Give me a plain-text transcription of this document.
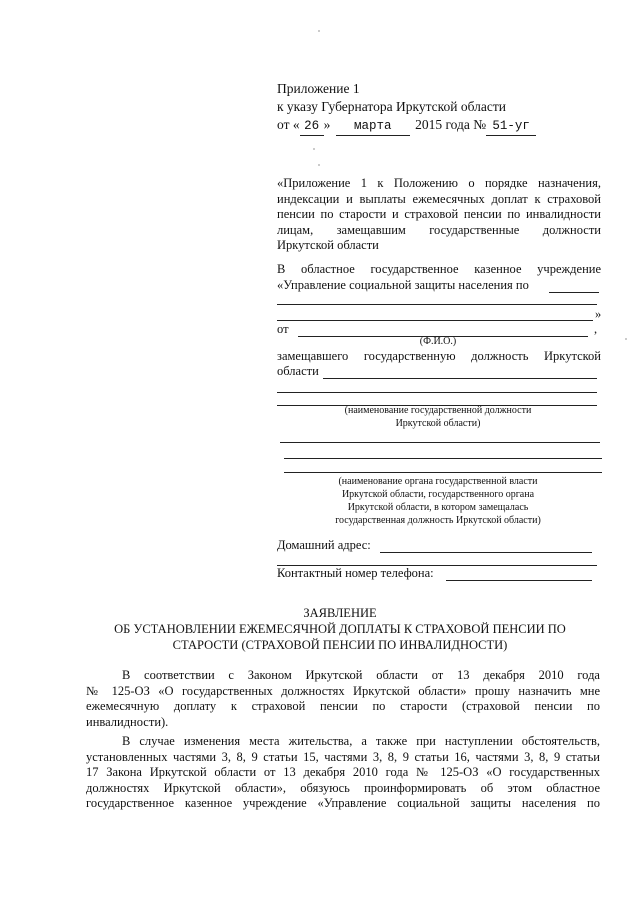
Приложение 1
к указу Губернатора Иркутской области
от « 26 » марта 2015 года № 51-уг
«Приложение 1 к Положению о порядке назначения,
индексации и выплаты ежемесячных доплат к страховой
пенсии по старости и страховой пенсии по инвалидности
лицам, замещавшим государственные должности
Иркутской области
В областное государственное казенное учреждение
«Управление социальной защиты населения по
»
от	,
(Ф.И.О.)
замещавшего государственную должность Иркутской
области
(наименование государственной должности
Иркутской области)
(наименование органа государственной власти
Иркутской области, государственного органа
Иркутской области, в котором замещалась
государственная должность Иркутской области)
Домашний адрес:
Контактный номер телефона:
ЗАЯВЛЕНИЕ
ОБ УСТАНОВЛЕНИИ ЕЖЕМЕСЯЧНОЙ ДОПЛАТЫ К СТРАХОВОЙ ПЕНСИИ ПО
СТАРОСТИ (СТРАХОВОЙ ПЕНСИИ ПО ИНВАЛИДНОСТИ)
В соответствии с Законом Иркутской области от 13 декабря 2010 года
№ 125-ОЗ «О государственных должностях Иркутской области» прошу назначить мне
ежемесячную доплату к страховой пенсии по старости (страховой пенсии по
инвалидности).
В случае изменения места жительства, а также при наступлении обстоятельств,
установленных частями 3, 8, 9 статьи 15, частями 3, 8, 9 статьи 16, частями 3, 8, 9 статьи
17 Закона Иркутской области от 13 декабря 2010 года № 125-ОЗ «О государственных
должностях Иркутской области», обязуюсь проинформировать об этом областное
государственное казенное учреждение «Управление социальной защиты населения по
